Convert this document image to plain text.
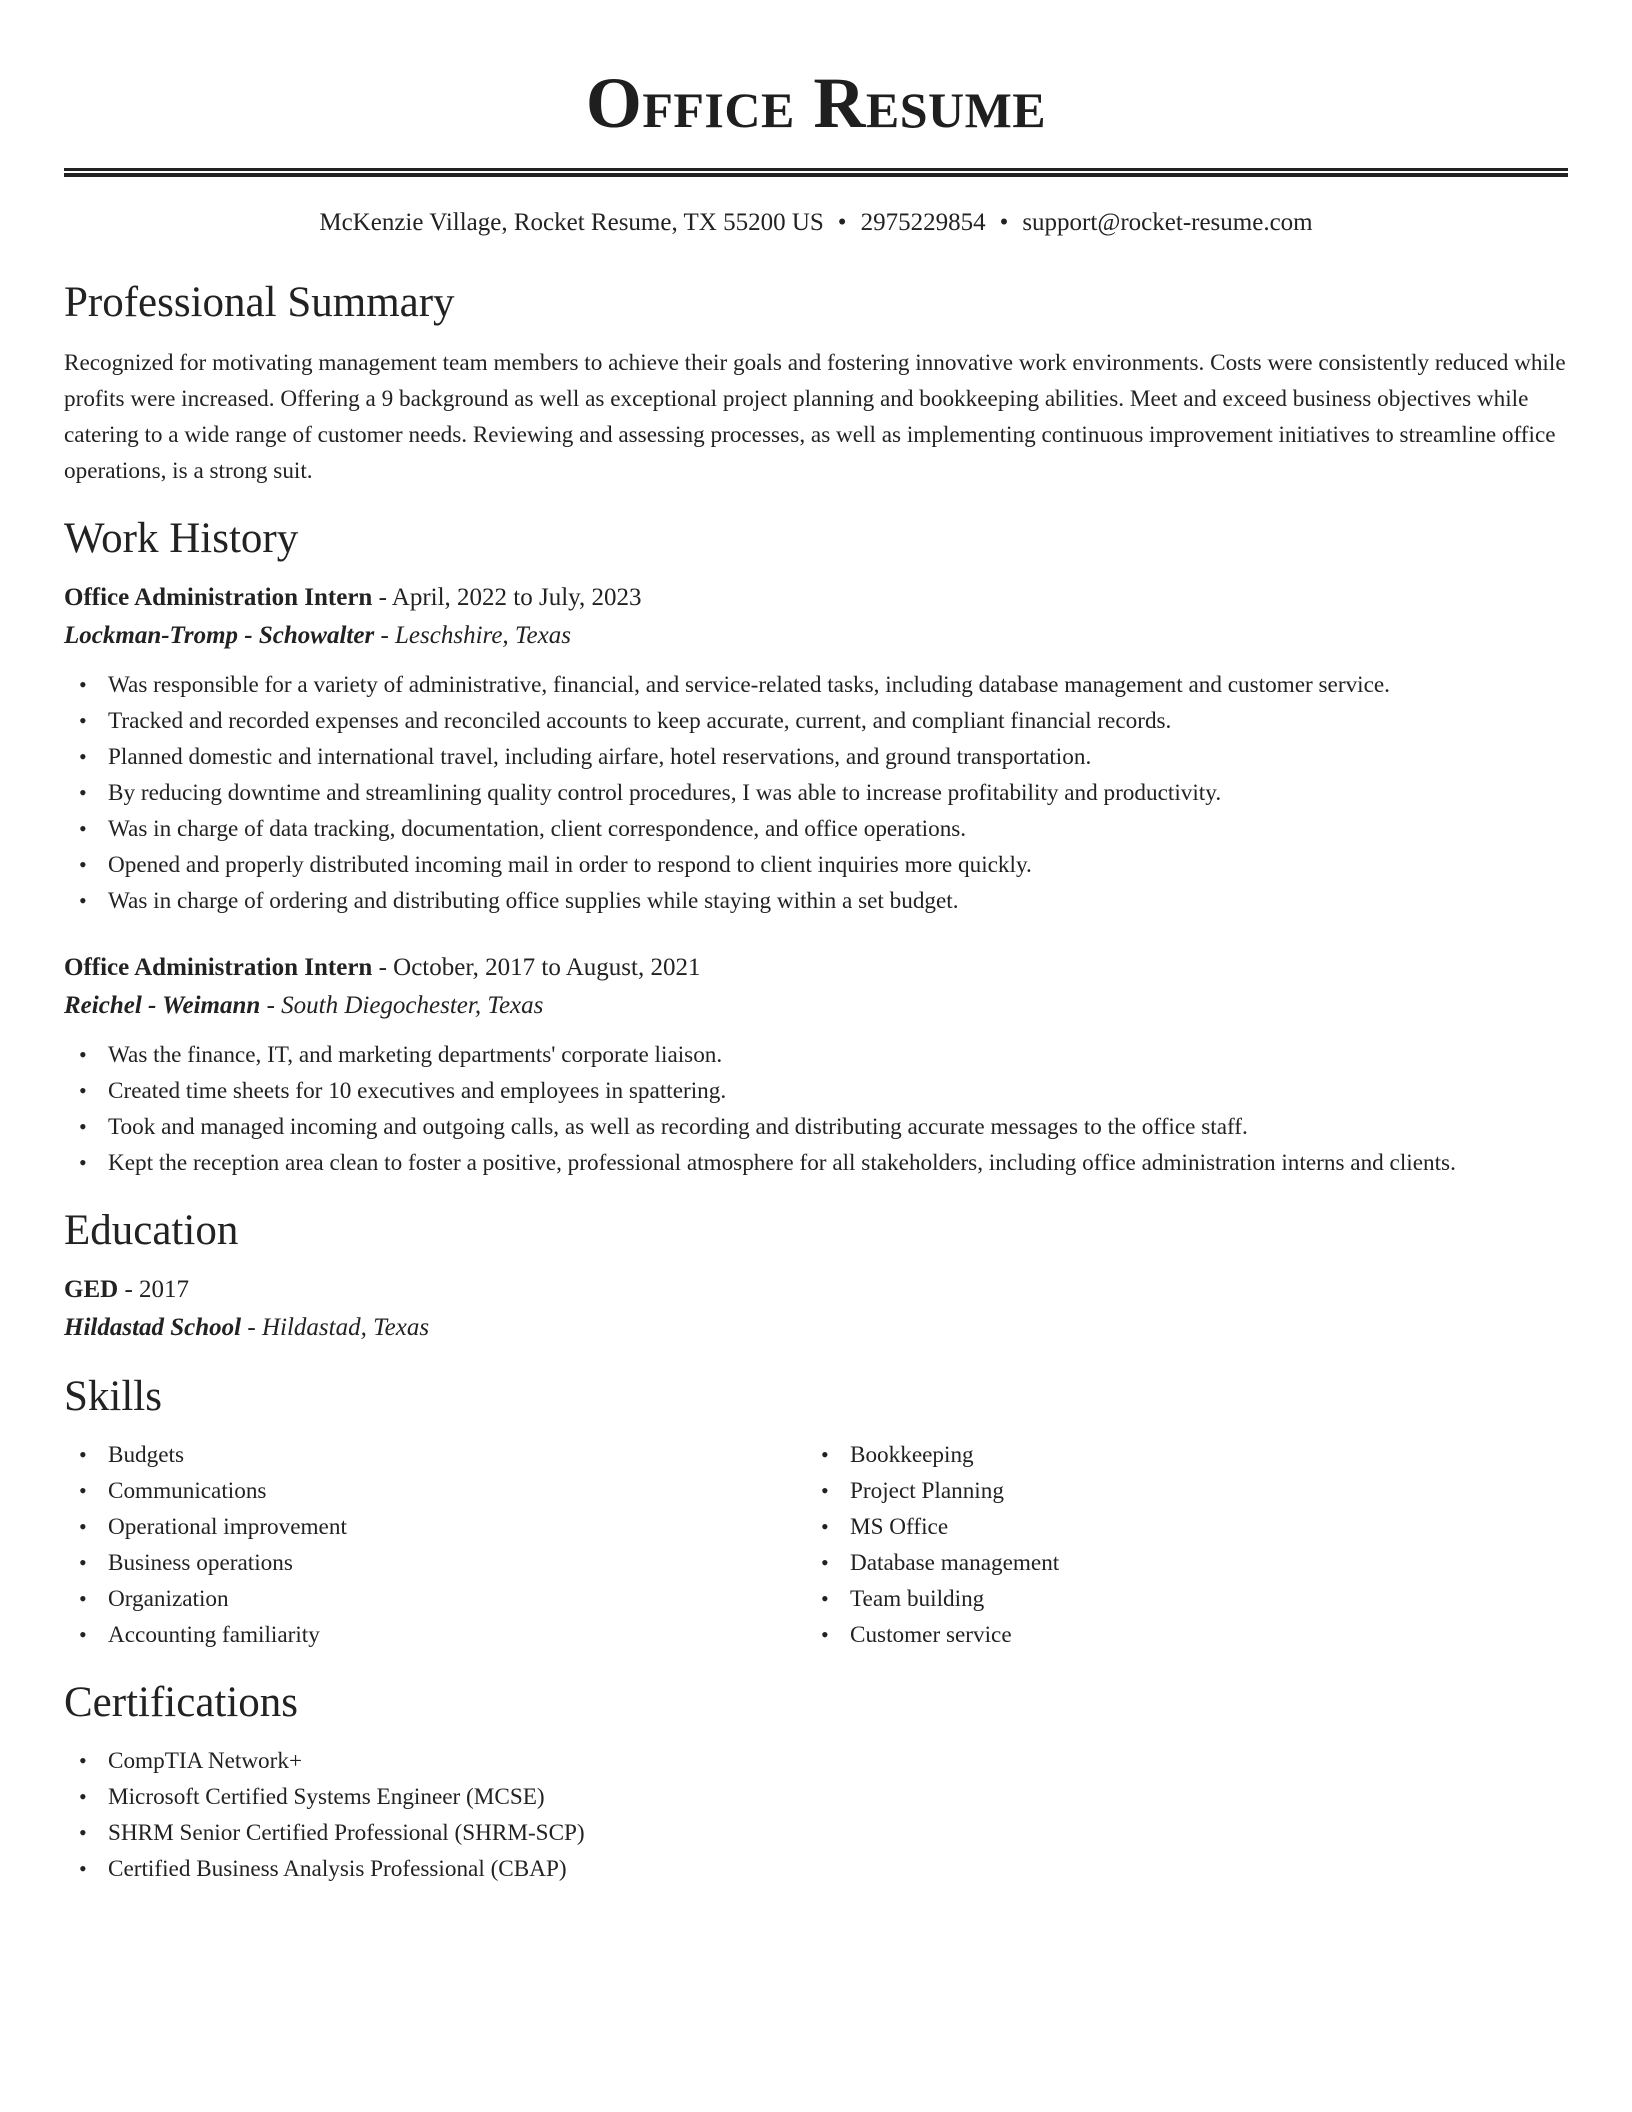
Office Resume
McKenzie Village, Rocket Resume, TX 55200 US • 2975229854 • support@rocket-resume.com
Professional Summary
Recognized for motivating management team members to achieve their goals and fostering innovative work environments. Costs were consistently reduced while profits were increased. Offering a 9 background as well as exceptional project planning and bookkeeping abilities. Meet and exceed business objectives while catering to a wide range of customer needs. Reviewing and assessing processes, as well as implementing continuous improvement initiatives to streamline office operations, is a strong suit.
Work History
Office Administration Intern - April, 2022 to July, 2023
Lockman-Tromp - Schowalter - Leschshire, Texas
• Was responsible for a variety of administrative, financial, and service-related tasks, including database management and customer service.
• Tracked and recorded expenses and reconciled accounts to keep accurate, current, and compliant financial records.
• Planned domestic and international travel, including airfare, hotel reservations, and ground transportation.
• By reducing downtime and streamlining quality control procedures, I was able to increase profitability and productivity.
• Was in charge of data tracking, documentation, client correspondence, and office operations.
• Opened and properly distributed incoming mail in order to respond to client inquiries more quickly.
• Was in charge of ordering and distributing office supplies while staying within a set budget.
Office Administration Intern - October, 2017 to August, 2021
Reichel - Weimann - South Diegochester, Texas
• Was the finance, IT, and marketing departments' corporate liaison.
• Created time sheets for 10 executives and employees in spattering.
• Took and managed incoming and outgoing calls, as well as recording and distributing accurate messages to the office staff.
• Kept the reception area clean to foster a positive, professional atmosphere for all stakeholders, including office administration interns and clients.
Education
GED - 2017
Hildastad School - Hildastad, Texas
Skills
• Budgets
• Communications
• Operational improvement
• Business operations
• Organization
• Accounting familiarity
• Bookkeeping
• Project Planning
• MS Office
• Database management
• Team building
• Customer service
Certifications
• CompTIA Network+
• Microsoft Certified Systems Engineer (MCSE)
• SHRM Senior Certified Professional (SHRM-SCP)
• Certified Business Analysis Professional (CBAP)
